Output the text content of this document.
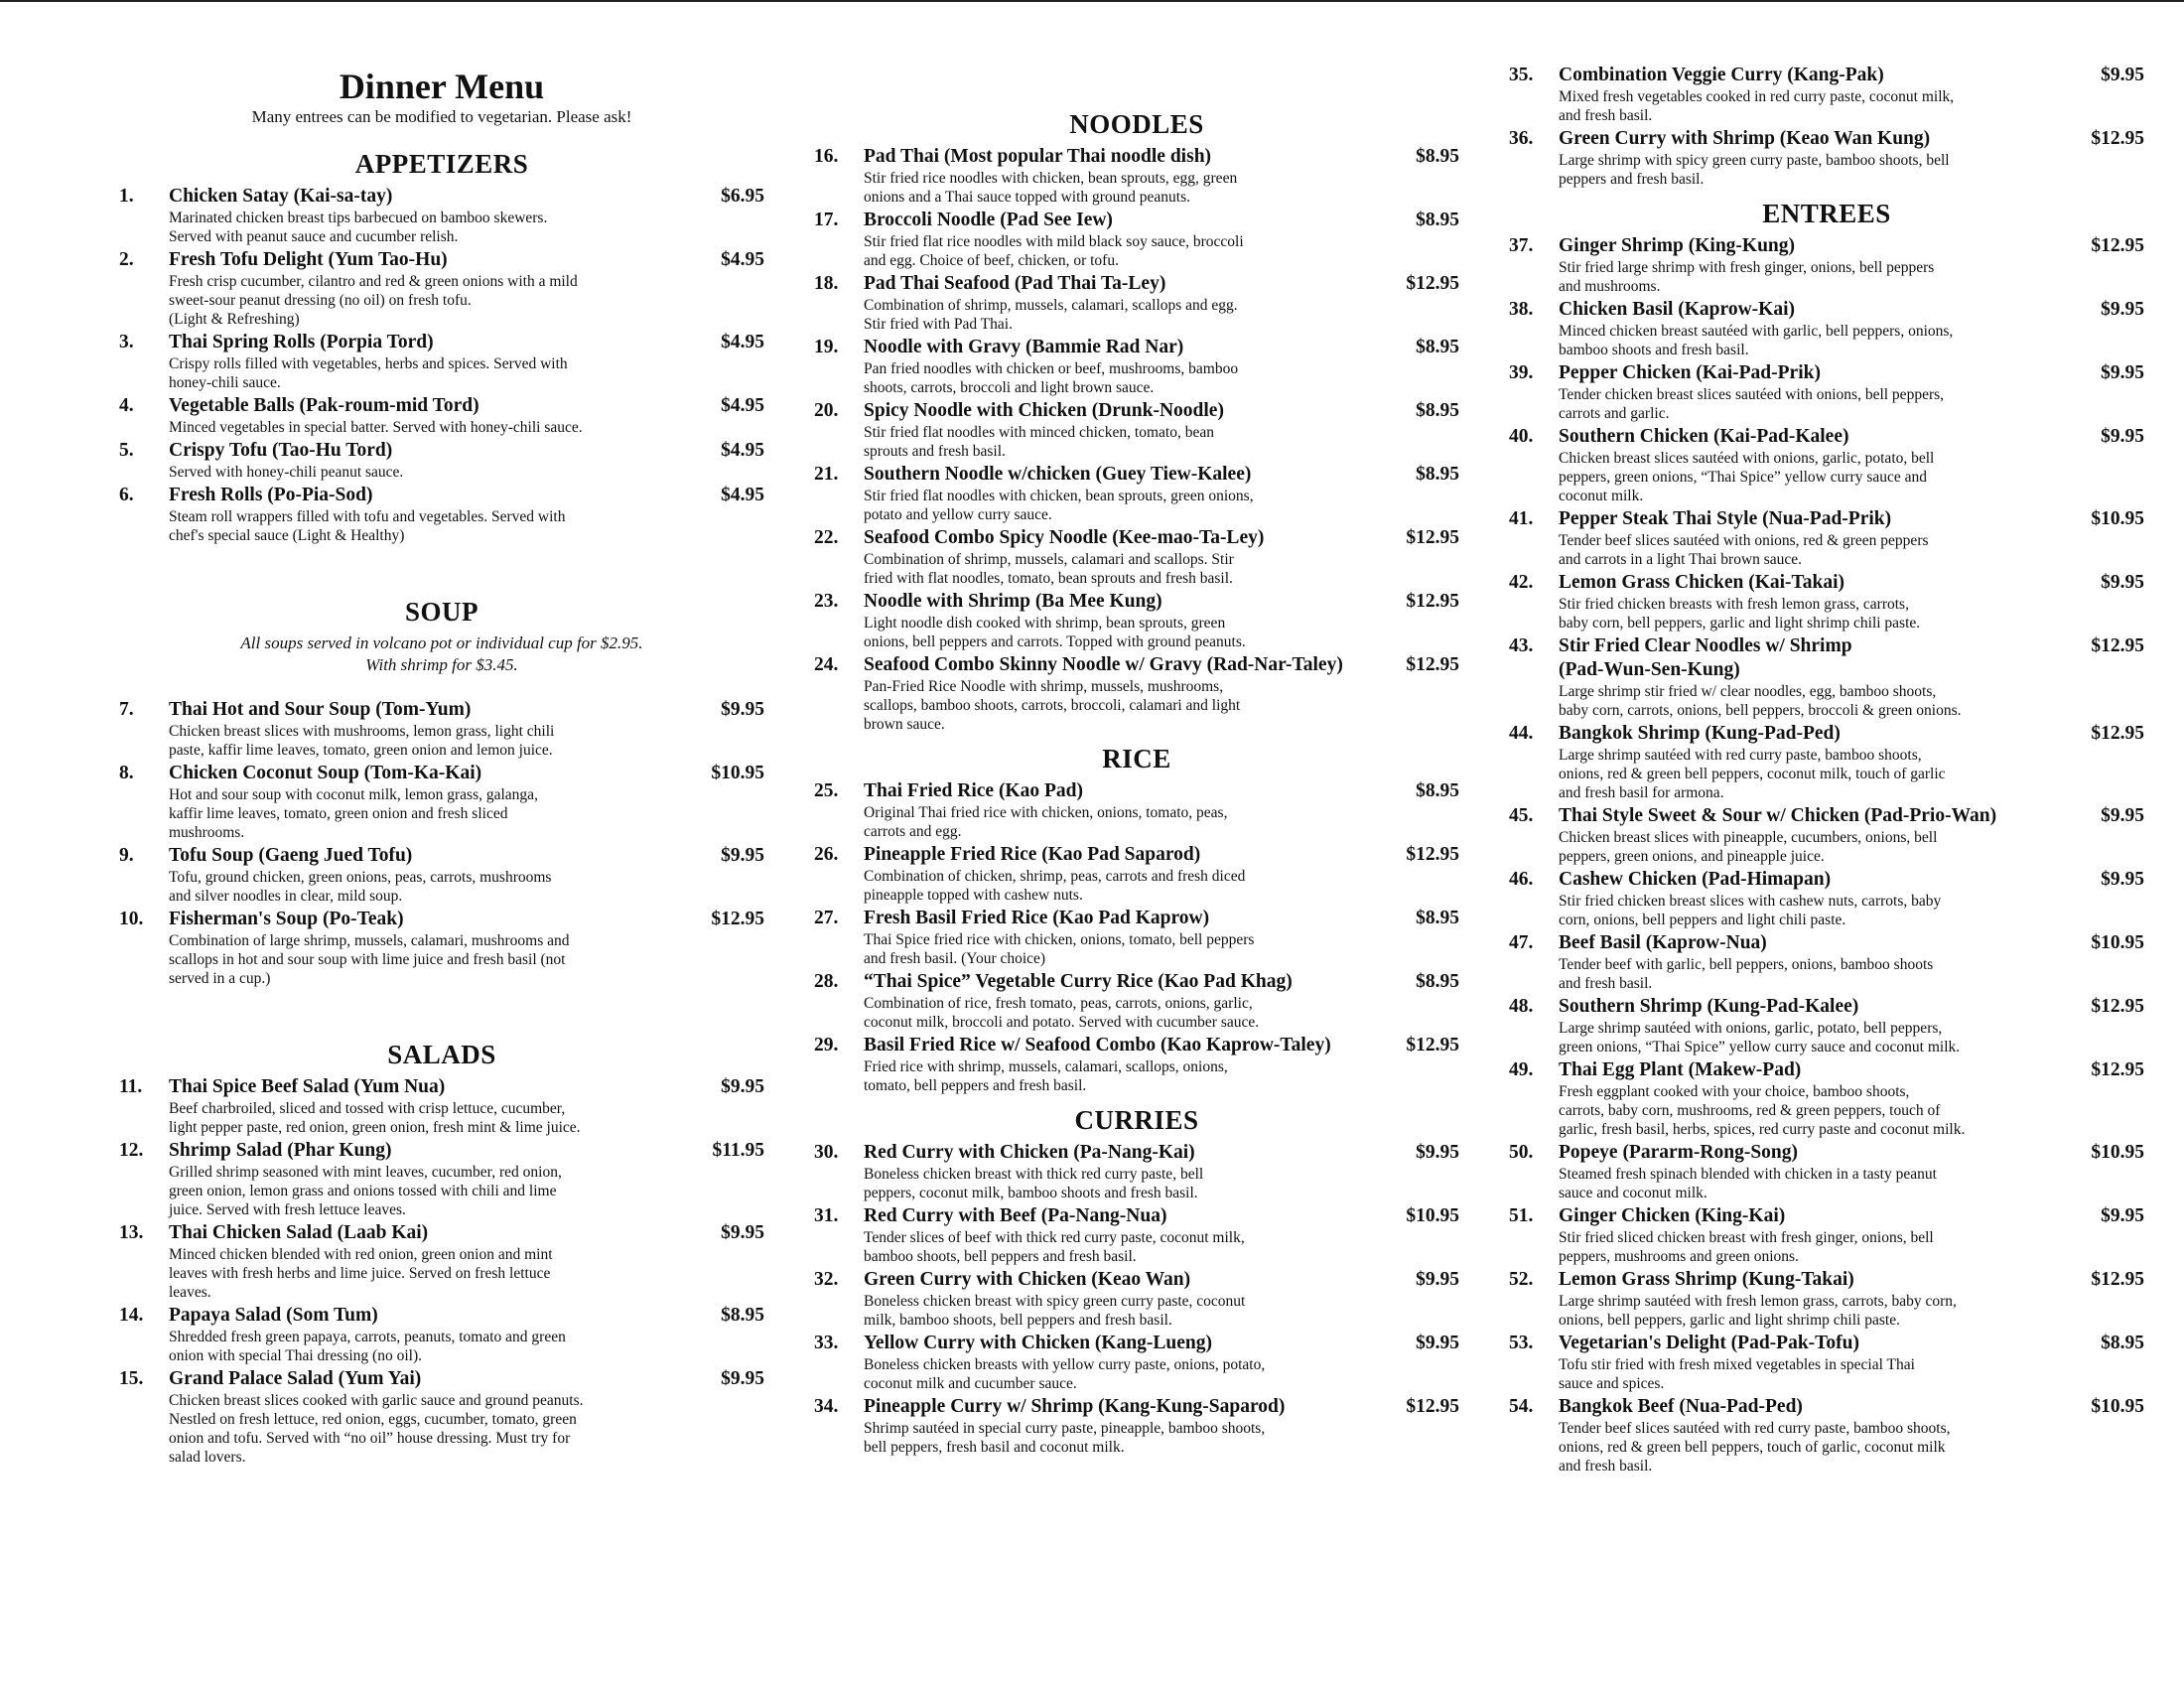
Dinner Menu
Many entrees can be modified to vegetarian. Please ask!
APPETIZERS
1.	Chicken Satay (Kai-sa-tay)	$6.95
Marinated chicken breast tips barbecued on bamboo skewers.
Served with peanut sauce and cucumber relish.
2.	Fresh Tofu Delight (Yum Tao-Hu)	$4.95
Fresh crisp cucumber, cilantro and red & green onions with a mild
sweet-sour peanut dressing (no oil) on fresh tofu.
(Light & Refreshing)
3.	Thai Spring Rolls (Porpia Tord)	$4.95
Crispy rolls filled with vegetables, herbs and spices. Served with
honey-chili sauce.
4.	Vegetable Balls (Pak-roum-mid Tord)	$4.95
Minced vegetables in special batter. Served with honey-chili sauce.
5.	Crispy Tofu (Tao-Hu Tord)	$4.95
Served with honey-chili peanut sauce.
6.	Fresh Rolls (Po-Pia-Sod)	$4.95
Steam roll wrappers filled with tofu and vegetables. Served with
chef's special sauce (Light & Healthy)
SOUP
All soups served in volcano pot or individual cup for $2.95.
With shrimp for $3.45.
7.	Thai Hot and Sour Soup (Tom-Yum)	$9.95
Chicken breast slices with mushrooms, lemon grass, light chili
paste, kaffir lime leaves, tomato, green onion and lemon juice.
8.	Chicken Coconut Soup (Tom-Ka-Kai)	$10.95
Hot and sour soup with coconut milk, lemon grass, galanga,
kaffir lime leaves, tomato, green onion and fresh sliced
mushrooms.
9.	Tofu Soup (Gaeng Jued Tofu)	$9.95
Tofu, ground chicken, green onions, peas, carrots, mushrooms
and silver noodles in clear, mild soup.
10.	Fisherman's Soup (Po-Teak)	$12.95
Combination of large shrimp, mussels, calamari, mushrooms and
scallops in hot and sour soup with lime juice and fresh basil (not
served in a cup.)
SALADS
11.	Thai Spice Beef Salad (Yum Nua)	$9.95
Beef charbroiled, sliced and tossed with crisp lettuce, cucumber,
light pepper paste, red onion, green onion, fresh mint & lime juice.
12.	Shrimp Salad (Phar Kung)	$11.95
Grilled shrimp seasoned with mint leaves, cucumber, red onion,
green onion, lemon grass and onions tossed with chili and lime
juice. Served with fresh lettuce leaves.
13.	Thai Chicken Salad (Laab Kai)	$9.95
Minced chicken blended with red onion, green onion and mint
leaves with fresh herbs and lime juice. Served on fresh lettuce
leaves.
14.	Papaya Salad (Som Tum)	$8.95
Shredded fresh green papaya, carrots, peanuts, tomato and green
onion with special Thai dressing (no oil).
15.	Grand Palace Salad (Yum Yai)	$9.95
Chicken breast slices cooked with garlic sauce and ground peanuts.
Nestled on fresh lettuce, red onion, eggs, cucumber, tomato, green
onion and tofu. Served with “no oil” house dressing. Must try for
salad lovers.
NOODLES
16.	Pad Thai (Most popular Thai noodle dish)	$8.95
Stir fried rice noodles with chicken, bean sprouts, egg, green
onions and a Thai sauce topped with ground peanuts.
17.	Broccoli Noodle (Pad See Iew)	$8.95
Stir fried flat rice noodles with mild black soy sauce, broccoli
and egg. Choice of beef, chicken, or tofu.
18.	Pad Thai Seafood (Pad Thai Ta-Ley)	$12.95
Combination of shrimp, mussels, calamari, scallops and egg.
Stir fried with Pad Thai.
19.	Noodle with Gravy (Bammie Rad Nar)	$8.95
Pan fried noodles with chicken or beef, mushrooms, bamboo
shoots, carrots, broccoli and light brown sauce.
20.	Spicy Noodle with Chicken (Drunk-Noodle)	$8.95
Stir fried flat noodles with minced chicken, tomato, bean
sprouts and fresh basil.
21.	Southern Noodle w/chicken (Guey Tiew-Kalee)	$8.95
Stir fried flat noodles with chicken, bean sprouts, green onions,
potato and yellow curry sauce.
22.	Seafood Combo Spicy Noodle (Kee-mao-Ta-Ley)	$12.95
Combination of shrimp, mussels, calamari and scallops. Stir
fried with flat noodles, tomato, bean sprouts and fresh basil.
23.	Noodle with Shrimp (Ba Mee Kung)	$12.95
Light noodle dish cooked with shrimp, bean sprouts, green
onions, bell peppers and carrots. Topped with ground peanuts.
24.	Seafood Combo Skinny Noodle w/ Gravy (Rad-Nar-Taley)	$12.95
Pan-Fried Rice Noodle with shrimp, mussels, mushrooms,
scallops, bamboo shoots, carrots, broccoli, calamari and light
brown sauce.
RICE
25.	Thai Fried Rice (Kao Pad)	$8.95
Original Thai fried rice with chicken, onions, tomato, peas,
carrots and egg.
26.	Pineapple Fried Rice (Kao Pad Saparod)	$12.95
Combination of chicken, shrimp, peas, carrots and fresh diced
pineapple topped with cashew nuts.
27.	Fresh Basil Fried Rice (Kao Pad Kaprow)	$8.95
Thai Spice fried rice with chicken, onions, tomato, bell peppers
and fresh basil. (Your choice)
28.	“Thai Spice” Vegetable Curry Rice (Kao Pad Khag)	$8.95
Combination of rice, fresh tomato, peas, carrots, onions, garlic,
coconut milk, broccoli and potato. Served with cucumber sauce.
29.	Basil Fried Rice w/ Seafood Combo (Kao Kaprow-Taley)	$12.95
Fried rice with shrimp, mussels, calamari, scallops, onions,
tomato, bell peppers and fresh basil.
CURRIES
30.	Red Curry with Chicken (Pa-Nang-Kai)	$9.95
Boneless chicken breast with thick red curry paste, bell
peppers, coconut milk, bamboo shoots and fresh basil.
31.	Red Curry with Beef (Pa-Nang-Nua)	$10.95
Tender slices of beef with thick red curry paste, coconut milk,
bamboo shoots, bell peppers and fresh basil.
32.	Green Curry with Chicken (Keao Wan)	$9.95
Boneless chicken breast with spicy green curry paste, coconut
milk, bamboo shoots, bell peppers and fresh basil.
33.	Yellow Curry with Chicken (Kang-Lueng)	$9.95
Boneless chicken breasts with yellow curry paste, onions, potato,
coconut milk and cucumber sauce.
34.	Pineapple Curry w/ Shrimp (Kang-Kung-Saparod)	$12.95
Shrimp sautéed in special curry paste, pineapple, bamboo shoots,
bell peppers, fresh basil and coconut milk.
35.	Combination Veggie Curry (Kang-Pak)	$9.95
Mixed fresh vegetables cooked in red curry paste, coconut milk,
and fresh basil.
36.	Green Curry with Shrimp (Keao Wan Kung)	$12.95
Large shrimp with spicy green curry paste, bamboo shoots, bell
peppers and fresh basil.
ENTREES
37.	Ginger Shrimp (King-Kung)	$12.95
Stir fried large shrimp with fresh ginger, onions, bell peppers
and mushrooms.
38.	Chicken Basil (Kaprow-Kai)	$9.95
Minced chicken breast sautéed with garlic, bell peppers, onions,
bamboo shoots and fresh basil.
39.	Pepper Chicken (Kai-Pad-Prik)	$9.95
Tender chicken breast slices sautéed with onions, bell peppers,
carrots and garlic.
40.	Southern Chicken (Kai-Pad-Kalee)	$9.95
Chicken breast slices sautéed with onions, garlic, potato, bell
peppers, green onions, “Thai Spice” yellow curry sauce and
coconut milk.
41.	Pepper Steak Thai Style (Nua-Pad-Prik)	$10.95
Tender beef slices sautéed with onions, red & green peppers
and carrots in a light Thai brown sauce.
42.	Lemon Grass Chicken (Kai-Takai)	$9.95
Stir fried chicken breasts with fresh lemon grass, carrots,
baby corn, bell peppers, garlic and light shrimp chili paste.
43.	Stir Fried Clear Noodles w/ Shrimp	$12.95
(Pad-Wun-Sen-Kung)
Large shrimp stir fried w/ clear noodles, egg, bamboo shoots,
baby corn, carrots, onions, bell peppers, broccoli & green onions.
44.	Bangkok Shrimp (Kung-Pad-Ped)	$12.95
Large shrimp sautéed with red curry paste, bamboo shoots,
onions, red & green bell peppers, coconut milk, touch of garlic
and fresh basil for armona.
45.	Thai Style Sweet & Sour w/ Chicken (Pad-Prio-Wan)	$9.95
Chicken breast slices with pineapple, cucumbers, onions, bell
peppers, green onions, and pineapple juice.
46.	Cashew Chicken (Pad-Himapan)	$9.95
Stir fried chicken breast slices with cashew nuts, carrots, baby
corn, onions, bell peppers and light chili paste.
47.	Beef Basil (Kaprow-Nua)	$10.95
Tender beef with garlic, bell peppers, onions, bamboo shoots
and fresh basil.
48.	Southern Shrimp (Kung-Pad-Kalee)	$12.95
Large shrimp sautéed with onions, garlic, potato, bell peppers,
green onions, “Thai Spice” yellow curry sauce and coconut milk.
49.	Thai Egg Plant (Makew-Pad)	$12.95
Fresh eggplant cooked with your choice, bamboo shoots,
carrots, baby corn, mushrooms, red & green peppers, touch of
garlic, fresh basil, herbs, spices, red curry paste and coconut milk.
50.	Popeye (Pararm-Rong-Song)	$10.95
Steamed fresh spinach blended with chicken in a tasty peanut
sauce and coconut milk.
51.	Ginger Chicken (King-Kai)	$9.95
Stir fried sliced chicken breast with fresh ginger, onions, bell
peppers, mushrooms and green onions.
52.	Lemon Grass Shrimp (Kung-Takai)	$12.95
Large shrimp sautéed with fresh lemon grass, carrots, baby corn,
onions, bell peppers, garlic and light shrimp chili paste.
53.	Vegetarian's Delight (Pad-Pak-Tofu)	$8.95
Tofu stir fried with fresh mixed vegetables in special Thai
sauce and spices.
54.	Bangkok Beef (Nua-Pad-Ped)	$10.95
Tender beef slices sautéed with red curry paste, bamboo shoots,
onions, red & green bell peppers, touch of garlic, coconut milk
and fresh basil.
